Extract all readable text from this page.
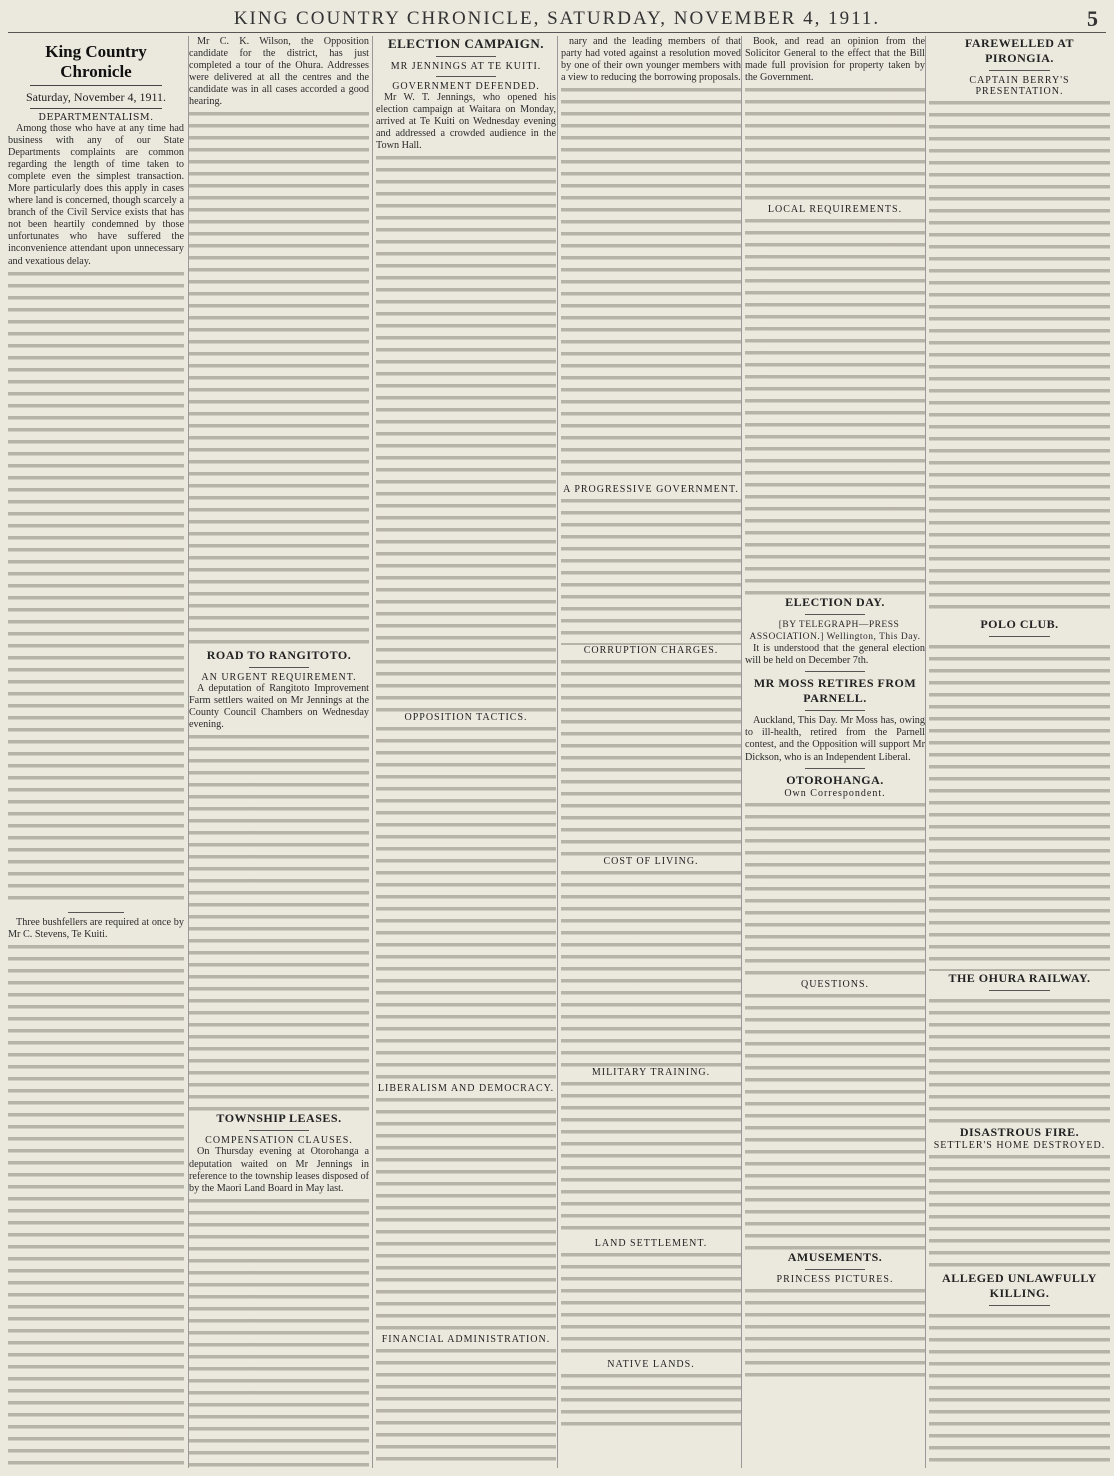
KING COUNTRY CHRONICLE, SATURDAY, NOVEMBER 4, 1911.	5
King Country Chronicle
Saturday, November 4, 1911.
DEPARTMENTALISM.

Among those who have at any time had business with any of our State Departments complaints are common regarding the length of time taken to complete even the simplest transaction. More particularly does this apply in cases where land is concerned, though scarcely a branch of the Civil Service exists that has not been heartily condemned by those unfortunates who have suffered the inconvenience attendant upon unnecessary and vexatious delay.

Three bushfellers are required at once by Mr C. Stevens, Te Kuiti.

Mr C. K. Wilson, the Opposition candidate for the district, has just completed a tour of the Ohura. Addresses were delivered at all the centres and the candidate was in all cases accorded a good hearing.

ROAD TO RANGITOTO.
AN URGENT REQUIREMENT.

A deputation of Rangitoto Improvement Farm settlers waited on Mr Jennings at the County Council Chambers on Wednesday evening.

TOWNSHIP LEASES.
COMPENSATION CLAUSES.

On Thursday evening at Otorohanga a deputation waited on Mr Jennings in reference to the township leases disposed of by the Maori Land Board in May last.

ELECTION CAMPAIGN.
MR JENNINGS AT TE KUITI.
GOVERNMENT DEFENDED.

Mr W. T. Jennings, who opened his election campaign at Waitara on Monday, arrived at Te Kuiti on Wednesday evening and addressed a crowded audience in the Town Hall.

OPPOSITION TACTICS.
LIBERALISM AND DEMOCRACY.
FINANCIAL ADMINISTRATION.

nary and the leading members of that party had voted against a resolution moved by one of their own younger members with a view to reducing the borrowing proposals.

A PROGRESSIVE GOVERNMENT.
CORRUPTION CHARGES.
COST OF LIVING.
MILITARY TRAINING.
LAND SETTLEMENT.
NATIVE LANDS.

Book, and read an opinion from the Solicitor General to the effect that the Bill made full provision for property taken by the Government.

LOCAL REQUIREMENTS.
ELECTION DAY.

[BY TELEGRAPH—PRESS ASSOCIATION.] Wellington, This Day.

It is understood that the general election will be held on December 7th.

MR MOSS RETIRES FROM PARNELL.

Auckland, This Day. Mr Moss has, owing to ill-health, retired from the Parnell contest, and the Opposition will support Mr Dickson, who is an Independent Liberal.

OTOROHANGA.
Own Correspondent.
QUESTIONS.
AMUSEMENTS.
PRINCESS PICTURES.
FAREWELLED AT PIRONGIA.
CAPTAIN BERRY'S PRESENTATION.
POLO CLUB.
THE OHURA RAILWAY.
DISASTROUS FIRE.
SETTLER'S HOME DESTROYED.
ALLEGED UNLAWFULLY KILLING.
